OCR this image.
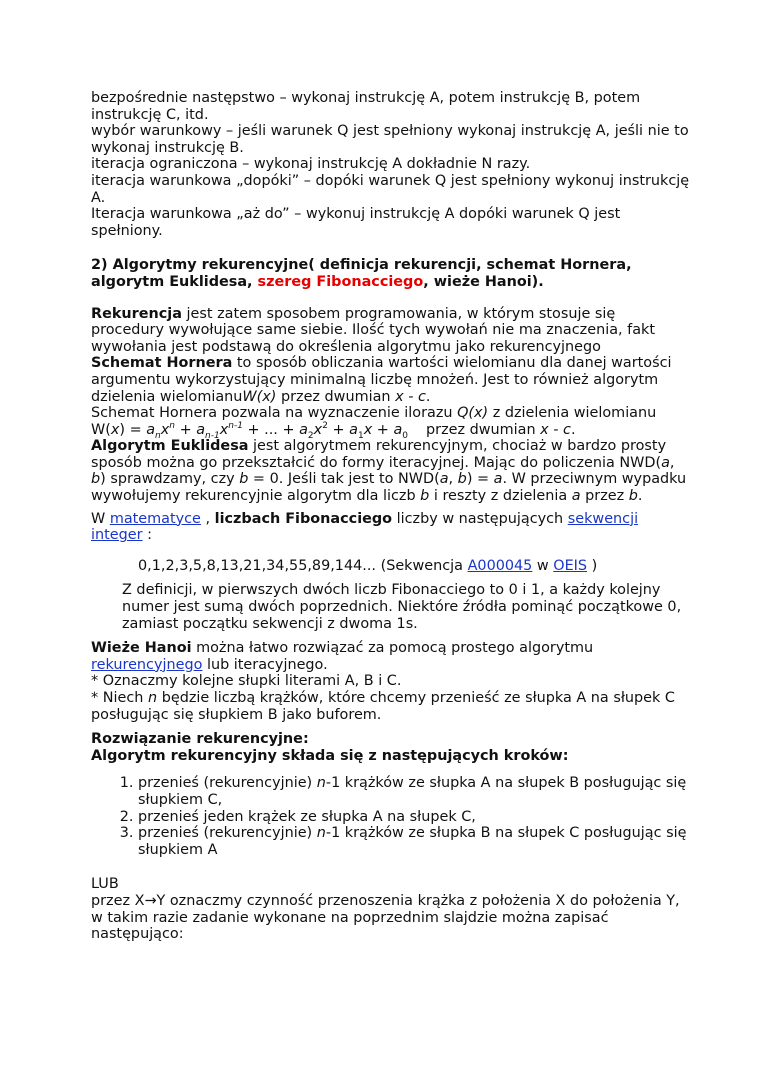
bezpośrednie następstwo – wykonaj instrukcję A, potem instrukcję B, potem instrukcję C, itd.

wybór warunkowy – jeśli warunek Q jest spełniony wykonaj instrukcję A, jeśli nie to wykonaj instrukcję B.

iteracja ograniczona – wykonaj instrukcję A dokładnie N razy.

iteracja warunkowa „dopóki” – dopóki warunek Q jest spełniony wykonuj instrukcję A.

Iteracja warunkowa „aż do” – wykonuj instrukcję A dopóki warunek Q jest spełniony.

2) Algorytmy rekurencyjne( definicja rekurencji, schemat Hornera, algorytm Euklidesa, szereg Fibonacciego, wieże Hanoi).

Rekurencja jest zatem sposobem programowania, w którym stosuje się procedury wywołujące same siebie. Ilość tych wywołań nie ma znaczenia, fakt wywołania jest podstawą do określenia algorytmu jako rekurencyjnego

Schemat Hornera to sposób obliczania wartości wielomianu dla danej wartości argumentu wykorzystujący minimalną liczbę mnożeń. Jest to również algorytm dzielenia wielomianuW(x) przez dwumian x - c.

Schemat Hornera pozwala na wyznaczenie ilorazu Q(x) z dzielenia wielomianu

$W(x) = a_nx^n + a_{n-1}x^{n-1}$ + ... + $a_2x^2 + a_1x + a_0$ przez dwumian x - c.

Algorytm Euklidesa jest algorytmem rekurencyjnym, chociaż w bardzo prosty sposób można go przekształcić do formy iteracyjnej. Mając do policzenia NWD(a, b) sprawdzamy, czy b = 0. Jeśli tak jest to NWD(a, b) = a. W przeciwnym wypadku wywołujemy rekurencyjnie algorytm dla liczb b i reszty z dzielenia a przez b.

W matematyce , liczbach Fibonacciego liczby w następujących sekwencji integer :

0,1,2,3,5,8,13,21,34,55,89,144... (Sekwencja A000045 w OEIS )

Z definicji, w pierwszych dwóch liczb Fibonacciego to 0 i 1, a każdy kolejny numer jest sumą dwóch poprzednich. Niektóre źródła pominąć początkowe 0, zamiast początku sekwencji z dwoma 1s.

Wieże Hanoi można łatwo rozwiązać za pomocą prostego algorytmu rekurencyjnego lub iteracyjnego.

* Oznaczmy kolejne słupki literami A, B i C.

* Niech n będzie liczbą krążków, które chcemy przenieść ze słupka A na słupek C posługując się słupkiem B jako buforem.

Rozwiązanie rekurencyjne:

Algorytm rekurencyjny składa się z następujących kroków:

1. przenieś (rekurencyjnie) n-1 krążków ze słupka A na słupek B posługując się słupkiem C,
2. przenieś jeden krążek ze słupka A na słupek C,
3. przenieś (rekurencyjnie) n-1 krążków ze słupka B na słupek C posługując się słupkiem A

LUB

przez X→Y oznaczmy czynność przenoszenia krążka z położenia X do położenia Y, w takim razie zadanie wykonane na poprzednim slajdzie można zapisać następująco:
